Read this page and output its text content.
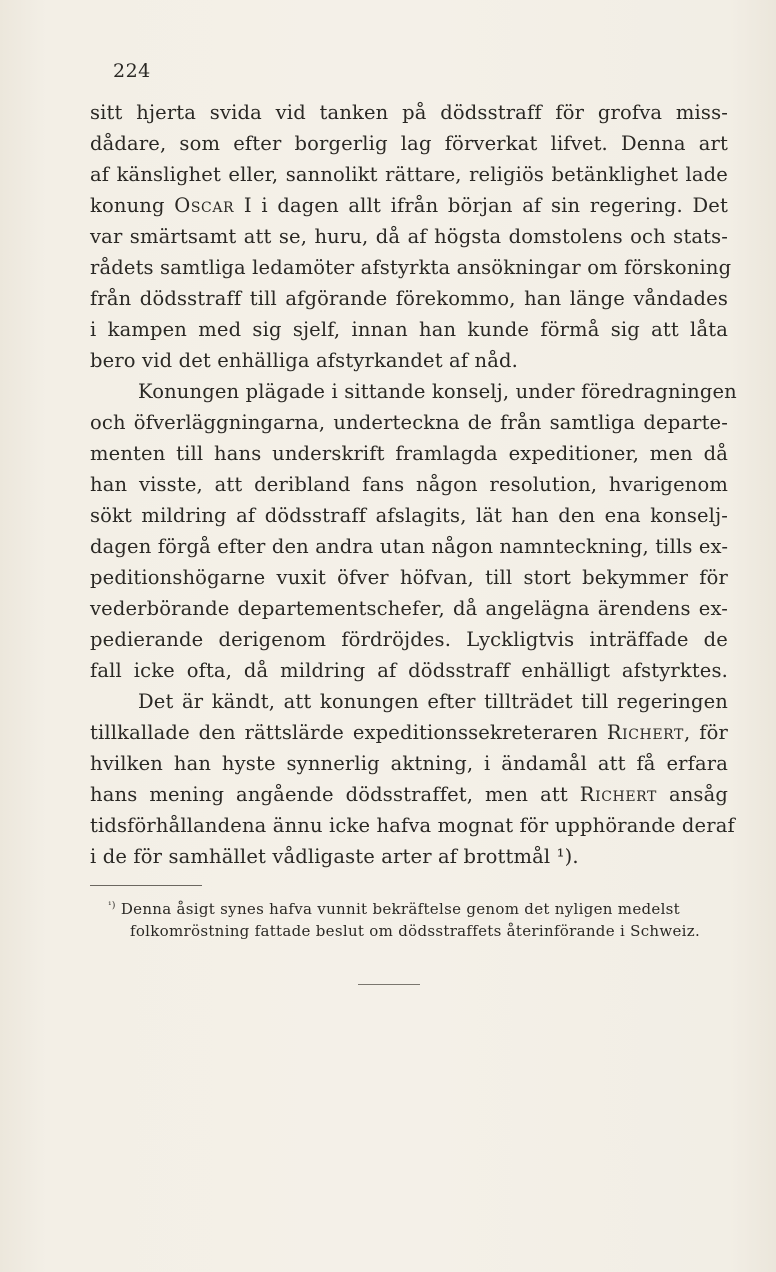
224
sitt hjerta svida vid tanken på dödsstraff för grofva miss-
dådare, som efter borgerlig lag förverkat lifvet. Denna art
af känslighet eller, sannolikt rättare, religiös betänklighet lade
konung Oscar I i dagen allt ifrån början af sin regering. Det
var smärtsamt att se, huru, då af högsta domstolens och stats-
rådets samtliga ledamöter afstyrkta ansökningar om förskoning
från dödsstraff till afgörande förekommo, han länge våndades
i kampen med sig sjelf, innan han kunde förmå sig att låta
bero vid det enhälliga afstyrkandet af nåd.
Konungen plägade i sittande konselj, under föredragningen
och öfverläggningarna, underteckna de från samtliga departe-
menten till hans underskrift framlagda expeditioner, men då
han visste, att deribland fans någon resolution, hvarigenom
sökt mildring af dödsstraff afslagits, lät han den ena konselj-
dagen förgå efter den andra utan någon namnteckning, tills ex-
peditionshögarne vuxit öfver höfvan, till stort bekymmer för
vederbörande departementschefer, då angelägna ärendens ex-
pedierande derigenom fördröjdes. Lyckligtvis inträffade de
fall icke ofta, då mildring af dödsstraff enhälligt afstyrktes.
Det är kändt, att konungen efter tillträdet till regeringen
tillkallade den rättslärde expeditionssekreteraren Richert, för
hvilken han hyste synnerlig aktning, i ändamål att få erfara
hans mening angående dödsstraffet, men att Richert ansåg
tidsförhållandena ännu icke hafva mognat för upphörande deraf
i de för samhället vådligaste arter af brottmål ¹).
$^{^1)}$ Denna åsigt synes hafva vunnit bekräftelse genom det nyligen medelst
folkomröstning fattade beslut om dödsstraffets återinförande i Schweiz.
